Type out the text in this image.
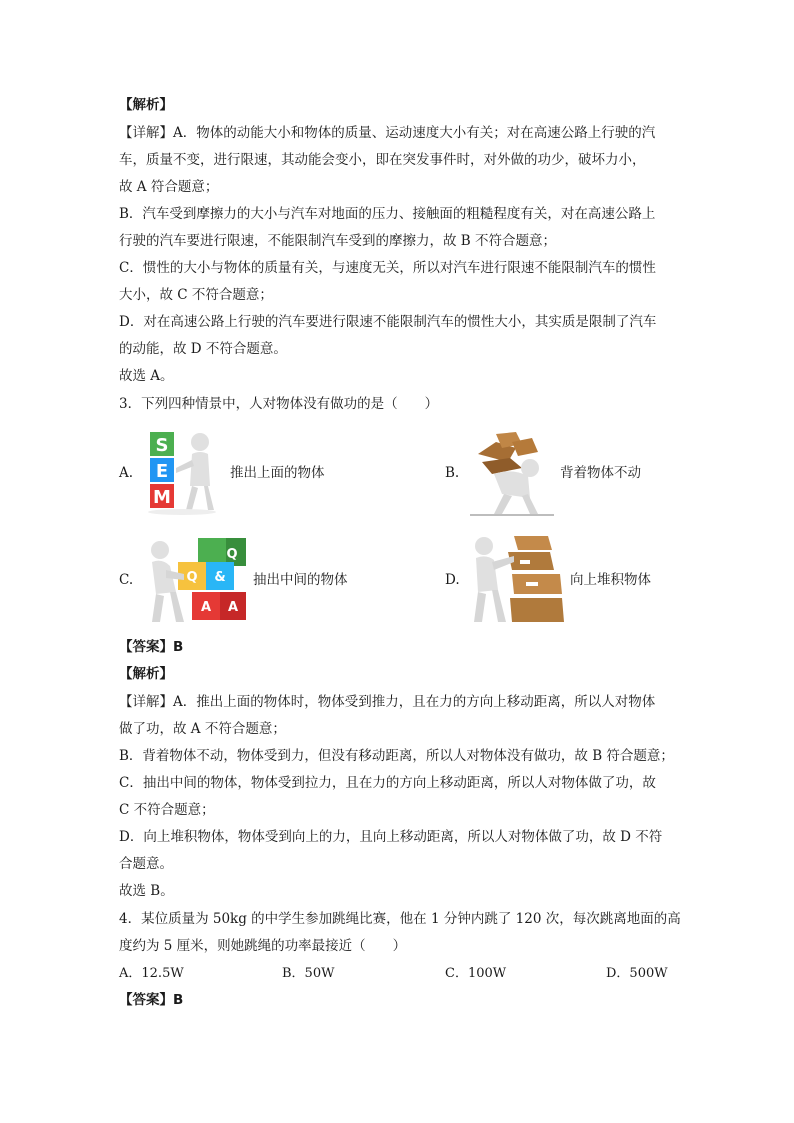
【解析】
【详解】A．物体的动能大小和物体的质量、运动速度大小有关；对在高速公路上行驶的汽
车，质量不变，进行限速，其动能会变小，即在突发事件时，对外做的功少，破坏力小，
故 A 符合题意；
B．汽车受到摩擦力的大小与汽车对地面的压力、接触面的粗糙程度有关，对在高速公路上
行驶的汽车要进行限速，不能限制汽车受到的摩擦力，故 B 不符合题意；
C．惯性的大小与物体的质量有关，与速度无关，所以对汽车进行限速不能限制汽车的惯性
大小，故 C 不符合题意；
D．对在高速公路上行驶的汽车要进行限速不能限制汽车的惯性大小，其实质是限制了汽车
的动能，故 D 不符合题意。
故选 A。
3．下列四种情景中，人对物体没有做功的是（　　）
A.
S
E
M
推出上面的物体	B.	背着物体不动
C.
Q
Q &
A A
抽出中间的物体	D.	向上堆积物体
【答案】B
【解析】
【详解】A．推出上面的物体时，物体受到推力，且在力的方向上移动距离，所以人对物体
做了功，故 A 不符合题意；
B．背着物体不动，物体受到力，但没有移动距离，所以人对物体没有做功，故 B 符合题意；
C．抽出中间的物体，物体受到拉力，且在力的方向上移动距离，所以人对物体做了功，故
C 不符合题意；
D．向上堆积物体，物体受到向上的力，且向上移动距离，所以人对物体做了功，故 D 不符
合题意。
故选 B。
4．某位质量为 50kg 的中学生参加跳绳比赛，他在 1 分钟内跳了 120 次，每次跳离地面的高
度约为 5 厘米，则她跳绳的功率最接近（　　）
A．12.5W	B．50W	C．100W	D．500W
【答案】B
